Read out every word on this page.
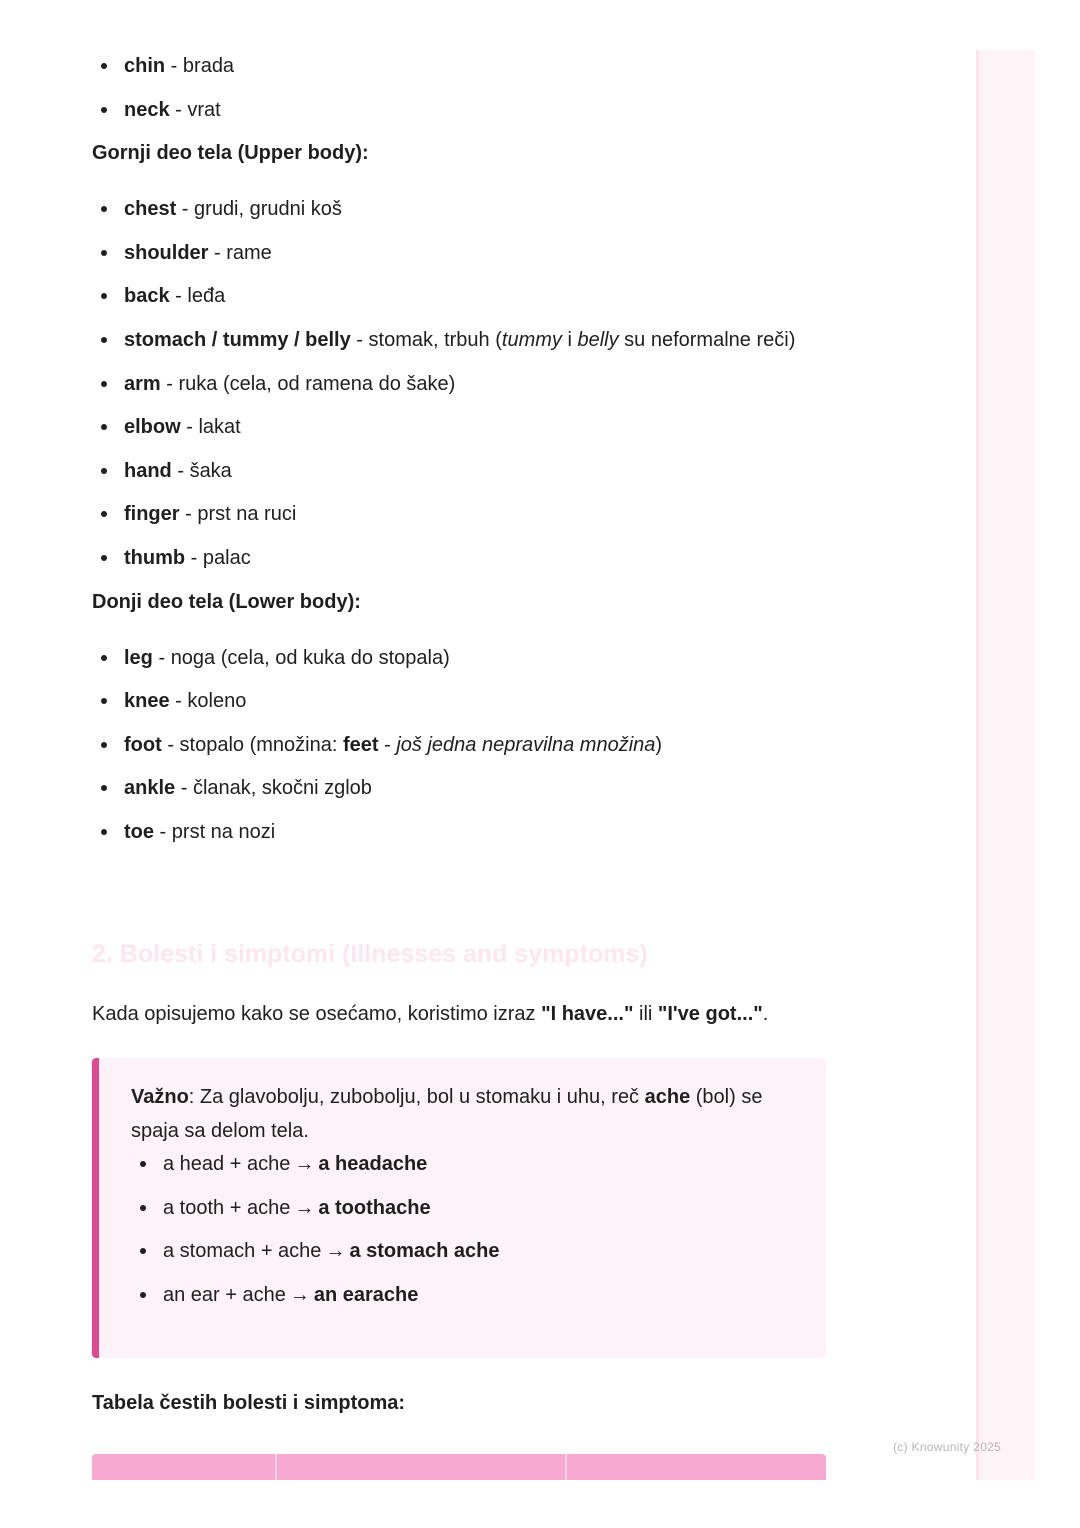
chin - brada
neck - vrat
Gornji deo tela (Upper body):
chest - grudi, grudni koš
shoulder - rame
back - leđa
stomach / tummy / belly - stomak, trbuh (tummy i belly su neformalne reči)
arm - ruka (cela, od ramena do šake)
elbow - lakat
hand - šaka
finger - prst na ruci
thumb - palac
Donji deo tela (Lower body):
leg - noga (cela, od kuka do stopala)
knee - koleno
foot - stopalo (množina: feet - još jedna nepravilna množina)
ankle - članak, skočni zglob
toe - prst na nozi
2. Bolesti i simptomi (Illnesses and symptoms)

Kada opisujemo kako se osećamo, koristimo izraz "I have..." ili "I've got...".

Važno: Za glavobolju, zubobolju, bol u stomaku i uhu, reč ache (bol) se spaja sa delom tela.

a head + ache → a headache
a tooth + ache → a toothache
a stomach + ache → a stomach ache
an ear + ache → an earache
Tabela čestih bolesti i simptoma:
(c) Knowunity 2025
